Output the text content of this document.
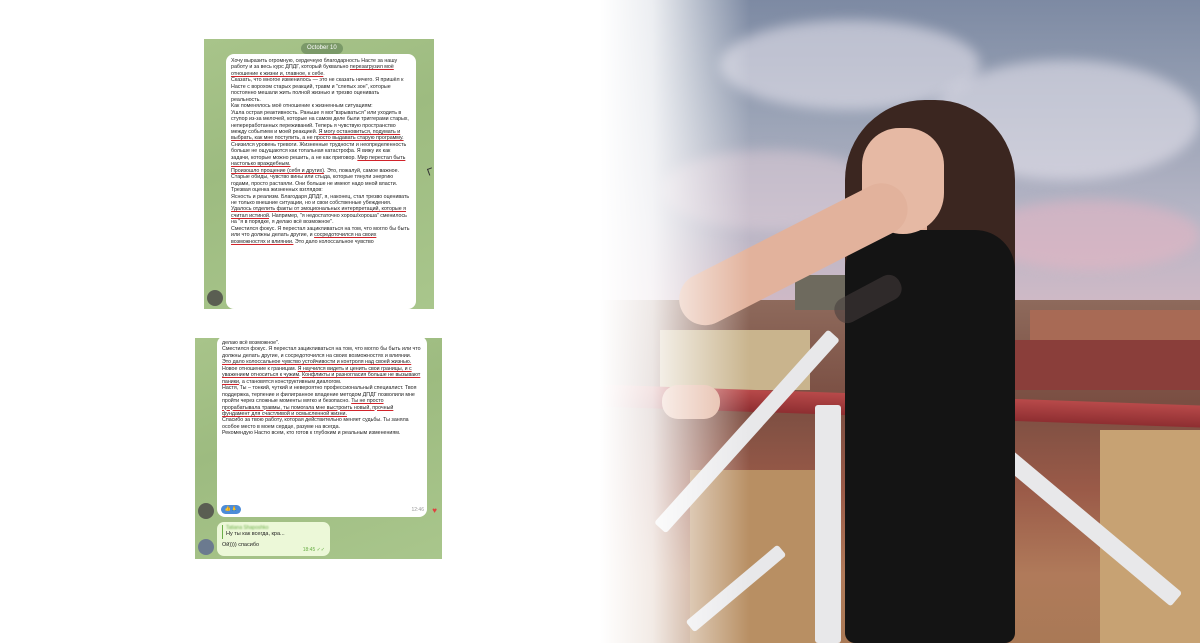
October 10

Хочу выразить огромную, сердечную благодарность Насте за нашу работу и за весь курс ДПДГ, который буквально перезагрузил моё отношение к жизни и, главное, к себе.

Сказать, что многое изменилось — это не сказать ничего. Я пришёл к Насте с ворохом старых реакций, травм и "слепых зон", которые постоянно мешали жить полной жизнью и трезво оценивать реальность.

Как поменялось моё отношение к жизненным ситуациям:

Ушла острая реактивность. Раньше я мог"взрываться" или уходить в ступор из-за мелочей, которые на самом деле были триггерами старых, непереработанных переживаний. Теперь я чувствую пространство между событием и моей реакцией. Я могу остановиться, подумать и выбрать, как мне поступить, а не просто выдавать старую программу.

Снизился уровень тревоги. Жизненные трудности и неопределенность больше не ощущаются как тотальная катастрофа. Я вижу их как задачи, которые можно решить, а не как приговор. Мир перестал быть настолько враждебным.

Произошло прощение (себя и других). Это, пожалуй, самое важное. Старые обиды, чувство вины или стыда, которые тянули энергию годами, просто растаяли. Они больше не имеют надо мной власти.

Трезвая оценка жизненных взглядов:

Ясность и реализм. Благодаря ДПДГ, я, наконец, стал трезво оценивать не только внешние ситуации, но и свои собственные убеждения. Удалось отделить факты от эмоциональных интерпретаций, которые я считал истиной. Например, "я недостаточно хорош/хороша" сменилось на "я в порядке, я делаю всё возможное".

Сместился фокус. Я перестал зацикливаться на том, что могло бы быть или что должны делать другие, и сосредоточился на своих возможностях и влиянии. Это дало колоссальное чувство

делаю всё возможное".

Сместился фокус. Я перестал зацикливаться на том, что могло бы быть или что должны делать другие, и сосредоточился на своих возможностях и влиянии. Это дало колоссальное чувство устойчивости и контроля над своей жизнью.

Новое отношение к границам. Я научился видеть и ценить свои границы, и с уважением относиться к чужим. Конфликты и разногласия больше не вызывают паники, а становятся конструктивным диалогом.

Настя, Ты – тонкий, чуткий и невероятно профессиональный специалист. Твоя поддержка, терпение и филигранное владение методом ДПДГ позволили мне пройти через сложные моменты мягко и безопасно. Ты не просто прорабатывала травмы, ты помогала мне выстроить новый, прочный фундамент для счастливой и осмысленной жизни.

Спасибо за твою работу, которая действительно меняет судьбы. Ты заняла особое место в моем сердце, разуме на всегда.

Рекомендую Настю всем, кто готов к глубоким и реальным изменениям.

👍🙏	12:46 ♥
Tatiana Shaposhko
Ну ты как всегда, кра...
Ой)))) спасибо
18:45 ✓✓
